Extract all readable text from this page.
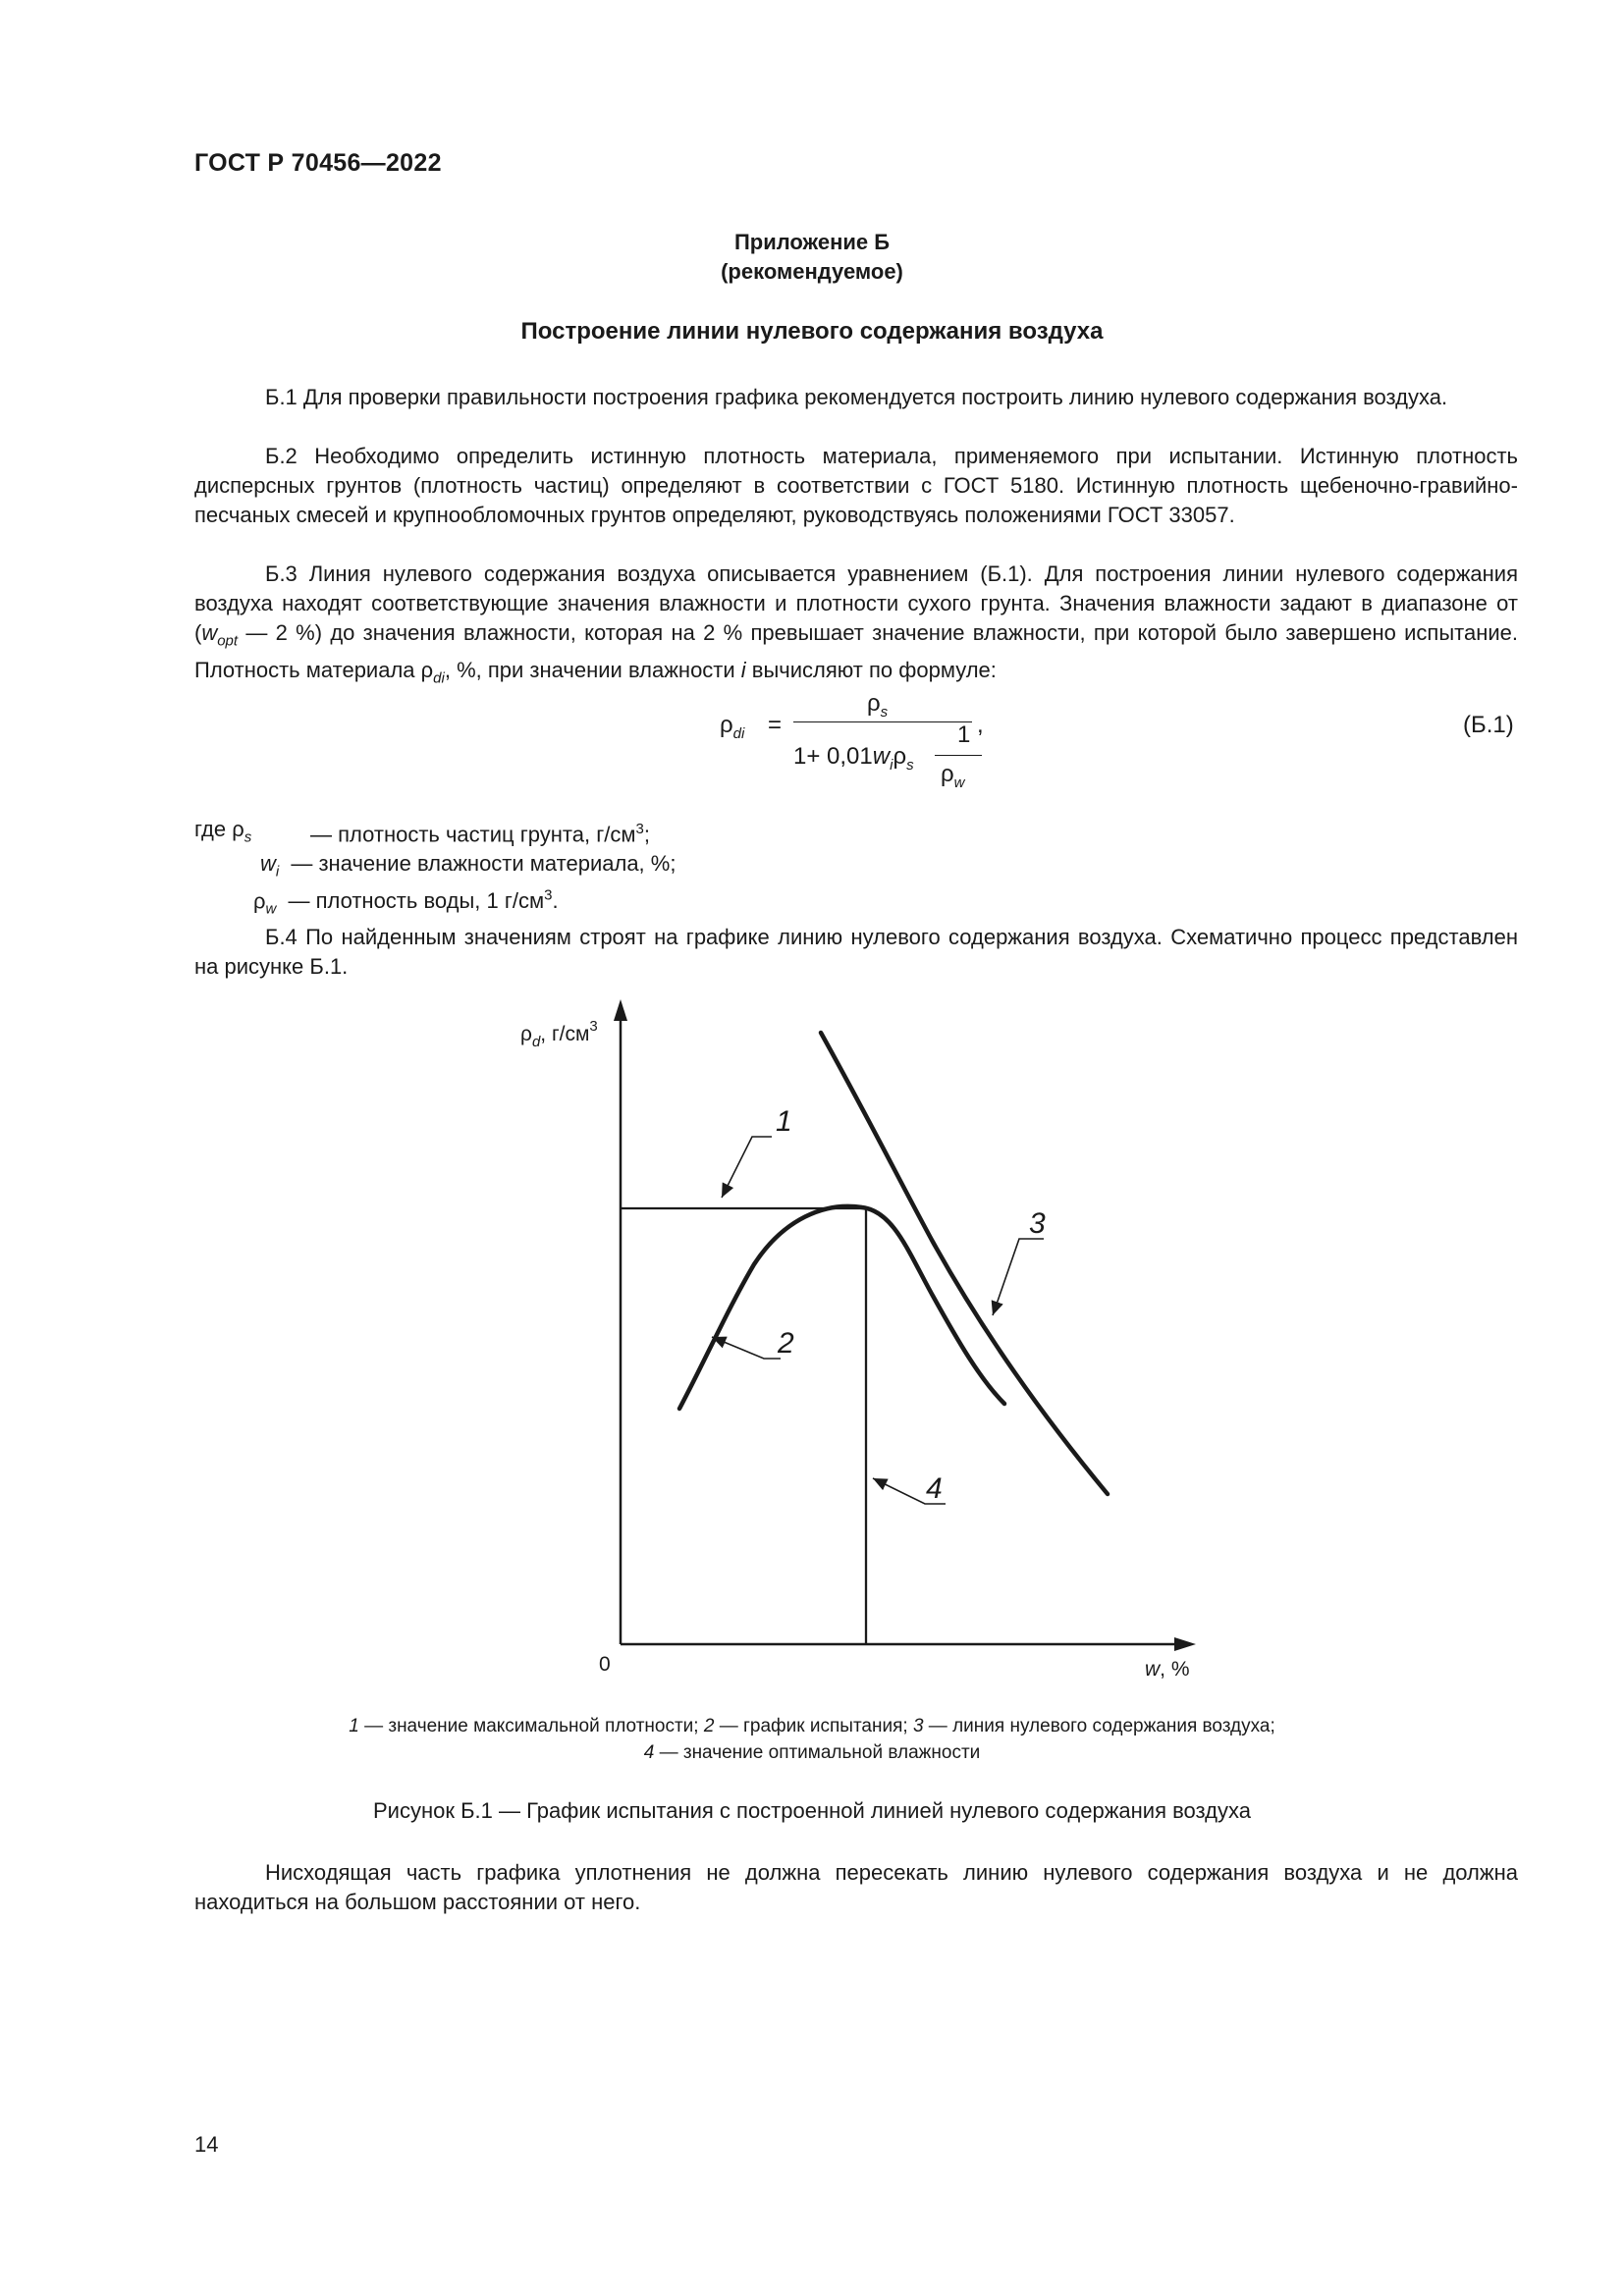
ГОСТ Р 70456—2022
Приложение Б
(рекомендуемое)
Построение линии нулевого содержания воздуха

Б.1 Для проверки правильности построения графика рекомендуется построить линию нулевого содержания воздуха.

Б.2 Необходимо определить истинную плотность материала, применяемого при испытании. Истинную плотность дисперсных грунтов (плотность частиц) определяют в соответствии с ГОСТ 5180. Истинную плотность щебеночно-гравийно-песчаных смесей и крупнообломочных грунтов определяют, руководствуясь положениями ГОСТ 33057.

Б.3 Линия нулевого содержания воздуха описывается уравнением (Б.1). Для построения линии нулевого содержания воздуха находят соответствующие значения влажности и плотности сухого грунта. Значения влажности задают в диапазоне от ($w_{opt}$ — 2 %) до значения влажности, которая на 2 % превышает значение влажности, при которой было завершено испытание. Плотность материала $\rho_{di}$, %, при значении влажности i вычисляют по формуле:

$\rho_{di}$ =
$\rho_s$
$1+ 0,01w_i\rho_s$
1
$\rho_w$
,	(Б.1)
где $\rho_s$	— плотность частиц грунта, $г/см^3$;
$w_i$ — значение влажности материала, %;
$\rho_w$ — плотность воды, 1 $г/см^3$.

Б.4 По найденным значениям строят на графике линию нулевого содержания воздуха. Схематично процесс представлен на рисунке Б.1.

1
2
3
4
$\rho_d$, $г/см^3$
0	w, %
1 — значение максимальной плотности; 2 — график испытания; 3 — линия нулевого содержания воздуха;
4 — значение оптимальной влажности
Рисунок Б.1 — График испытания с построенной линией нулевого содержания воздуха

Нисходящая часть графика уплотнения не должна пересекать линию нулевого содержания воздуха и не должна находиться на большом расстоянии от него.

14
